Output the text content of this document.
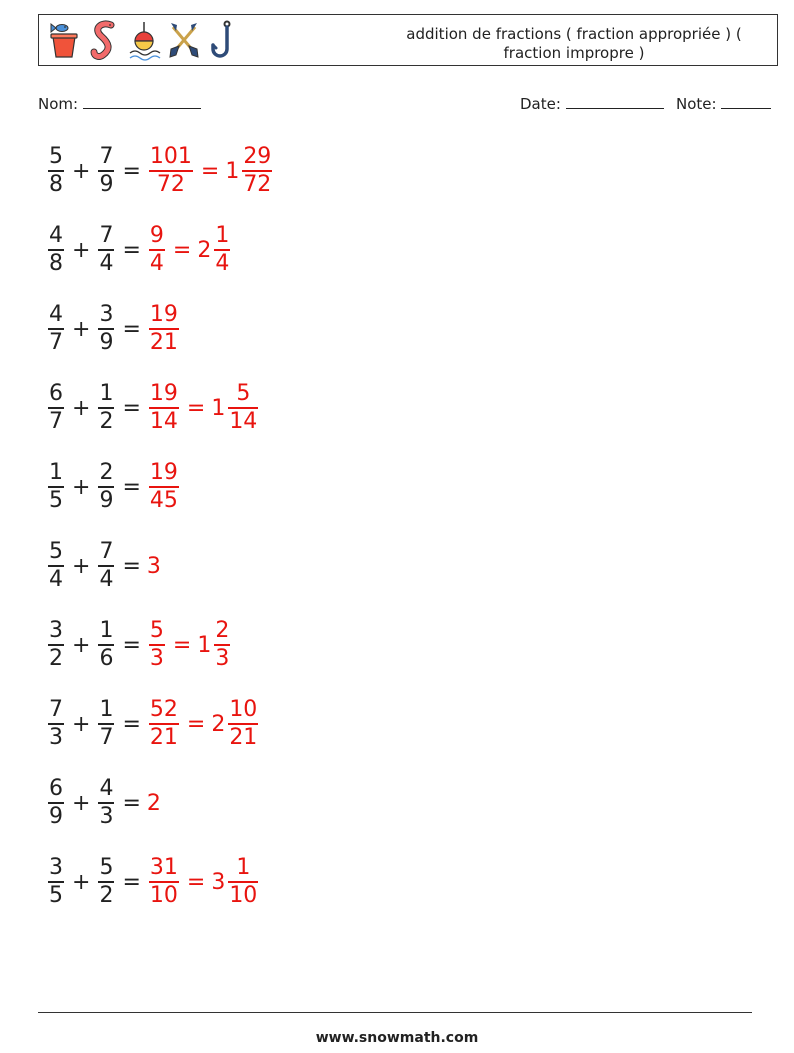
addition de fractions ( fraction appropriée ) (
fraction impropre )
Nom:	Date:	Note:
$\frac{5}{8} + \frac{7}{9} = \frac{101}{72} = 1 \frac{29}{72}$
$\frac{4}{8} + \frac{7}{4} = \frac{9}{4} = 2 \frac{1}{4}$
$\frac{4}{7} + \frac{3}{9} = \frac{19}{21}$
$\frac{6}{7} + \frac{1}{2} = \frac{19}{14} = 1 \frac{5}{14}$
$\frac{1}{5} + \frac{2}{9} = \frac{19}{45}$
$\frac{5}{4} + \frac{7}{4} = 3$
$\frac{3}{2} + \frac{1}{6} = \frac{5}{3} = 1 \frac{2}{3}$
$\frac{7}{3} + \frac{1}{7} = \frac{52}{21} = 2 \frac{10}{21}$
$\frac{6}{9} + \frac{4}{3} = 2$
$\frac{3}{5} + \frac{5}{2} = \frac{31}{10} = 3 \frac{1}{10}$
www.snowmath.com
